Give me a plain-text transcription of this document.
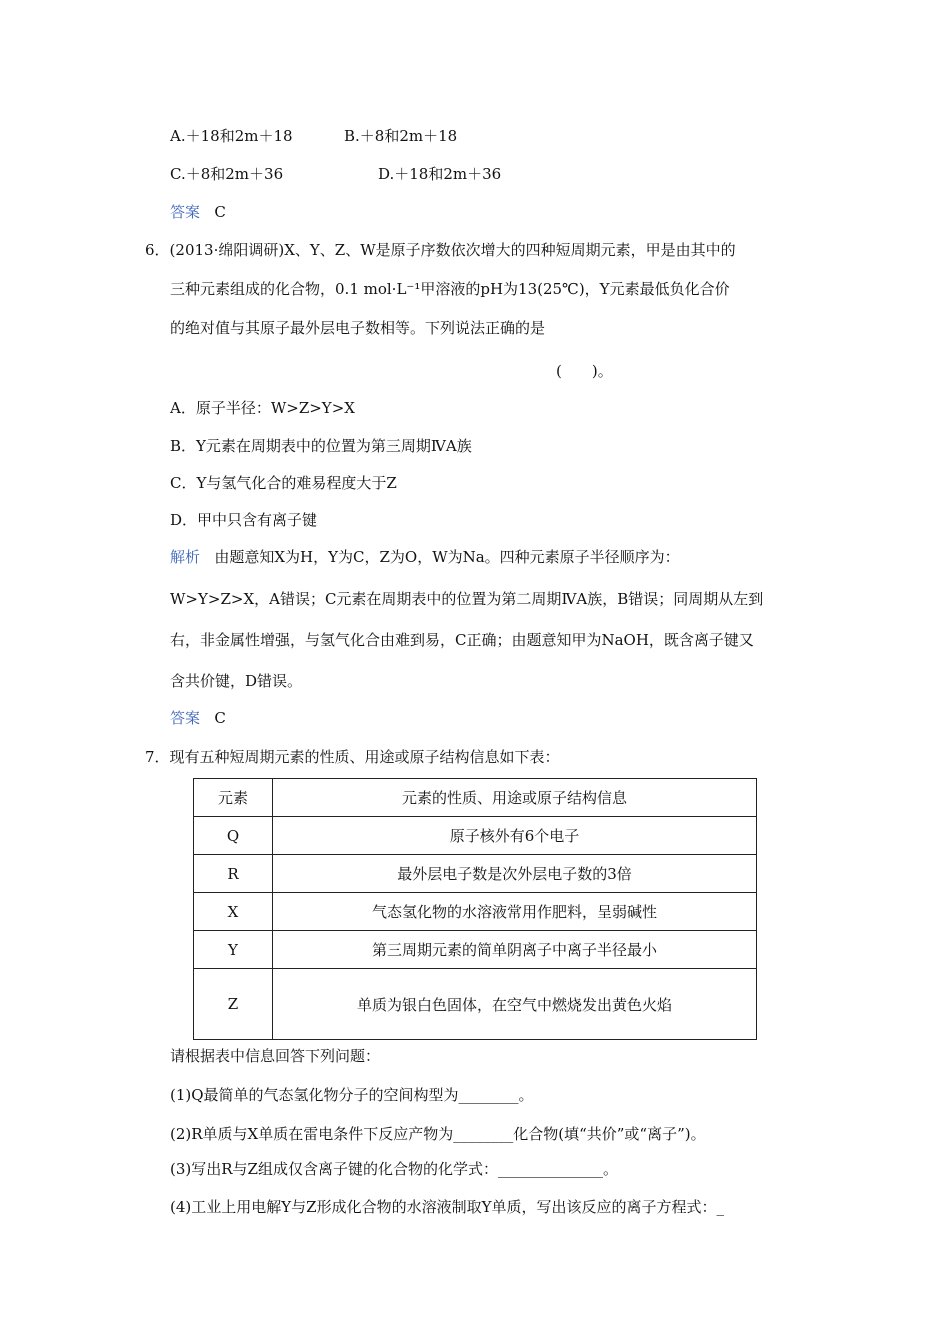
A.＋18和2m＋18	B.＋8和2m＋18
C.＋8和2m＋36	D.＋18和2m＋36
答案 C
6．(2013·绵阳调研)X、Y、Z、W是原子序数依次增大的四种短周期元素，甲是由其中的
三种元素组成的化合物，0.1 mol·L⁻¹甲溶液的pH为13(25℃)，Y元素最低负化合价
的绝对值与其原子最外层电子数相等。下列说法正确的是
(　　)。
A．原子半径：W>Z>Y>X
B．Y元素在周期表中的位置为第三周期ⅣA族
C．Y与氢气化合的难易程度大于Z
D．甲中只含有离子键
解析 由题意知X为H，Y为C，Z为O，W为Na。四种元素原子半径顺序为：
W>Y>Z>X，A错误；C元素在周期表中的位置为第二周期ⅣA族，B错误；同周期从左到
右，非金属性增强，与氢气化合由难到易，C正确；由题意知甲为NaOH，既含离子键又
含共价键，D错误。
答案 C
7．现有五种短周期元素的性质、用途或原子结构信息如下表：
元素	元素的性质、用途或原子结构信息
Q	原子核外有6个电子
R	最外层电子数是次外层电子数的3倍
X	气态氢化物的水溶液常用作肥料，呈弱碱性
Y	第三周期元素的简单阴离子中离子半径最小
Z	单质为银白色固体，在空气中燃烧发出黄色火焰
请根据表中信息回答下列问题：
(1)Q最简单的气态氢化物分子的空间构型为________。
(2)R单质与X单质在雷电条件下反应产物为________化合物(填“共价”或“离子”)。
(3)写出R与Z组成仅含离子键的化合物的化学式：______________。
(4)工业上用电解Y与Z形成化合物的水溶液制取Y单质，写出该反应的离子方程式：_
